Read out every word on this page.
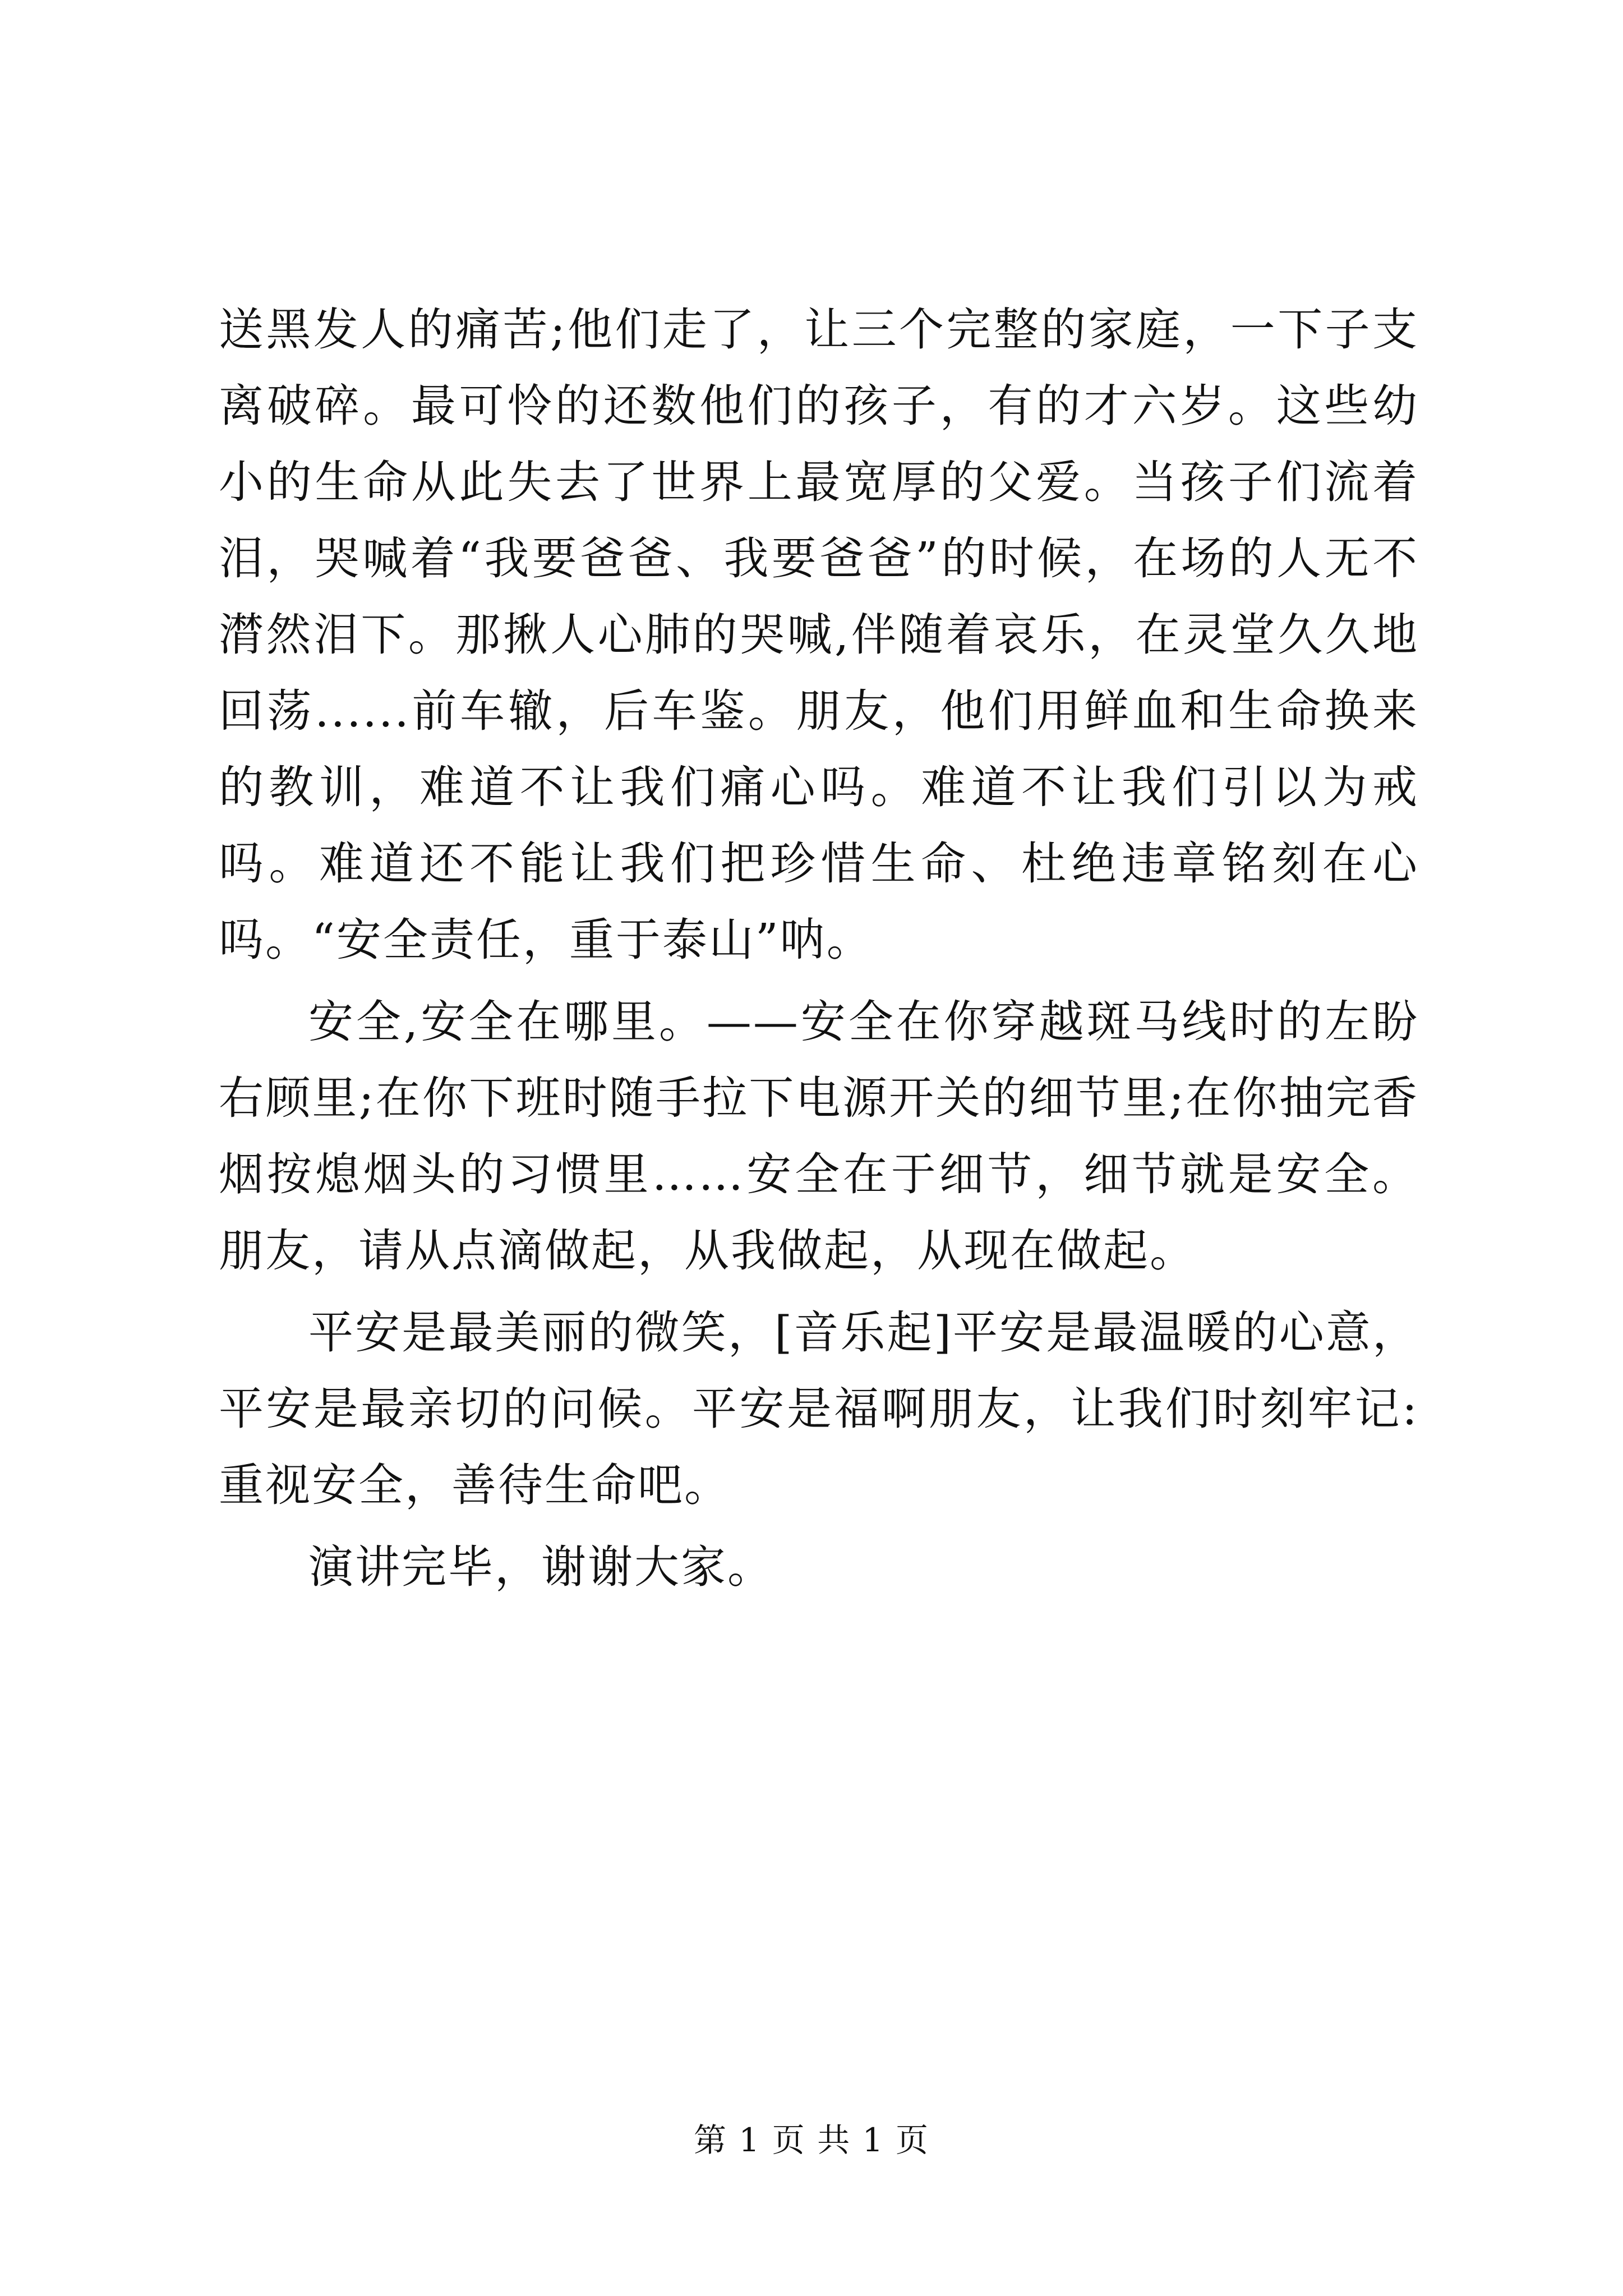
送黑发人的痛苦;他们走了，让三个完整的家庭，一下子支离破碎。最可怜的还数他们的孩子，有的才六岁。这些幼小的生命从此失去了世界上最宽厚的父爱。当孩子们流着泪，哭喊着“我要爸爸、我要爸爸”的时候，在场的人无不潸然泪下。那揪人心肺的哭喊,伴随着哀乐，在灵堂久久地回荡......前车辙，后车鉴。朋友，他们用鲜血和生命换来的教训，难道不让我们痛心吗。难道不让我们引以为戒吗。难道还不能让我们把珍惜生命、杜绝违章铭刻在心吗。“安全责任，重于泰山”呐。

安全,安全在哪里。——安全在你穿越斑马线时的左盼右顾里;在你下班时随手拉下电源开关的细节里;在你抽完香烟按熄烟头的习惯里……安全在于细节，细节就是安全。朋友，请从点滴做起，从我做起，从现在做起。

平安是最美丽的微笑，[音乐起]平安是最温暖的心意，平安是最亲切的问候。平安是福啊朋友，让我们时刻牢记:重视安全，善待生命吧。

演讲完毕，谢谢大家。

第 1 页 共 1 页
